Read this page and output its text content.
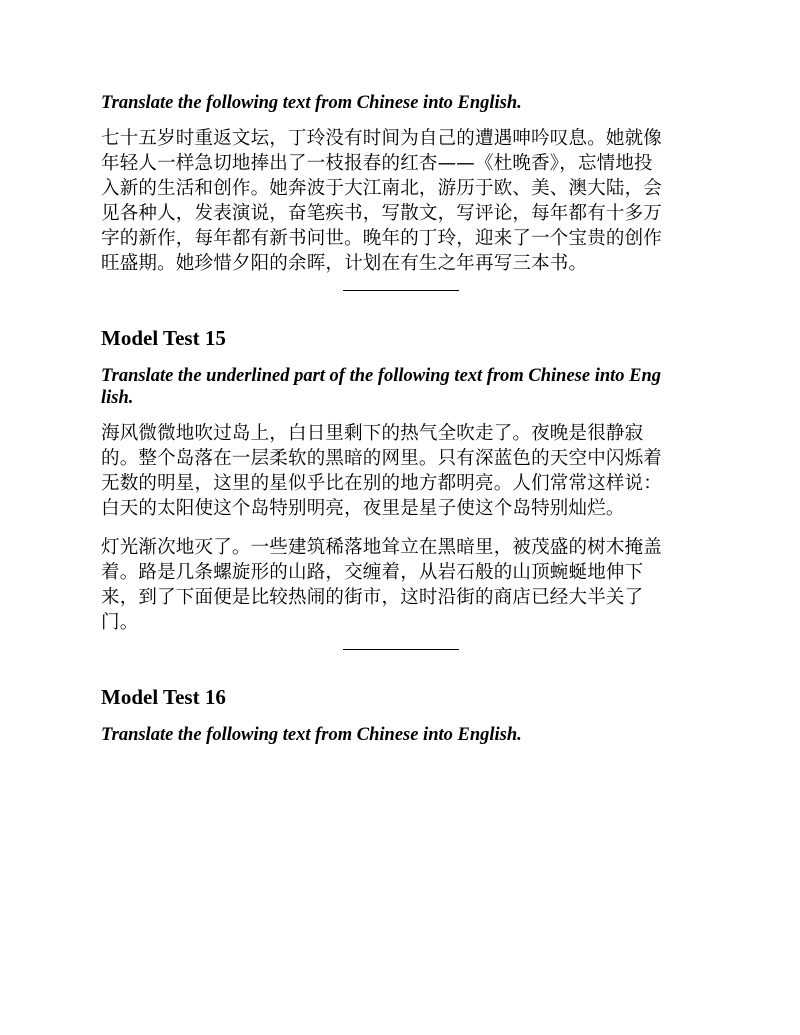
Translate the following text from Chinese into English.

七十五岁时重返文坛，丁玲没有时间为自己的遭遇呻吟叹息。她就像
年轻人一样急切地捧出了一枝报春的红杏——《杜晚香》，忘情地投
入新的生活和创作。她奔波于大江南北，游历于欧、美、澳大陆，会
见各种人，发表演说，奋笔疾书，写散文，写评论，每年都有十多万
字的新作，每年都有新书问世。晚年的丁玲，迎来了一个宝贵的创作
旺盛期。她珍惜夕阳的余晖，计划在有生之年再写三本书。

Model Test 15

Translate the underlined part of the following text from Chinese into Eng
lish.

海风微微地吹过岛上，白日里剩下的热气全吹走了。夜晚是很静寂
的。整个岛落在一层柔软的黑暗的网里。只有深蓝色的天空中闪烁着
无数的明星，这里的星似乎比在别的地方都明亮。人们常常这样说：
白天的太阳使这个岛特别明亮，夜里是星子使这个岛特别灿烂。

灯光渐次地灭了。一些建筑稀落地耸立在黑暗里，被茂盛的树木掩盖
着。路是几条螺旋形的山路，交缠着，从岩石般的山顶蜿蜒地伸下
来，到了下面便是比较热闹的街市，这时沿街的商店已经大半关了
门。

Model Test 16

Translate the following text from Chinese into English.
